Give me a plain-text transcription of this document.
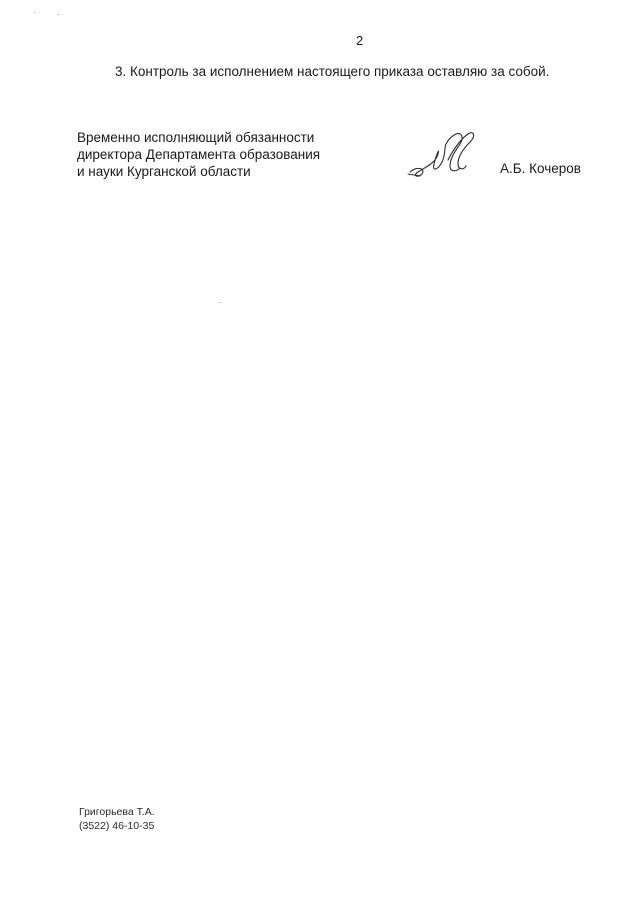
2
3. Контроль за исполнением настоящего приказа оставляю за собой.
Временно исполняющий обязанности
директора Департамента образования
и науки Курганской области	А.Б. Кочеров
Григорьева Т.А.
(3522) 46-10-35
